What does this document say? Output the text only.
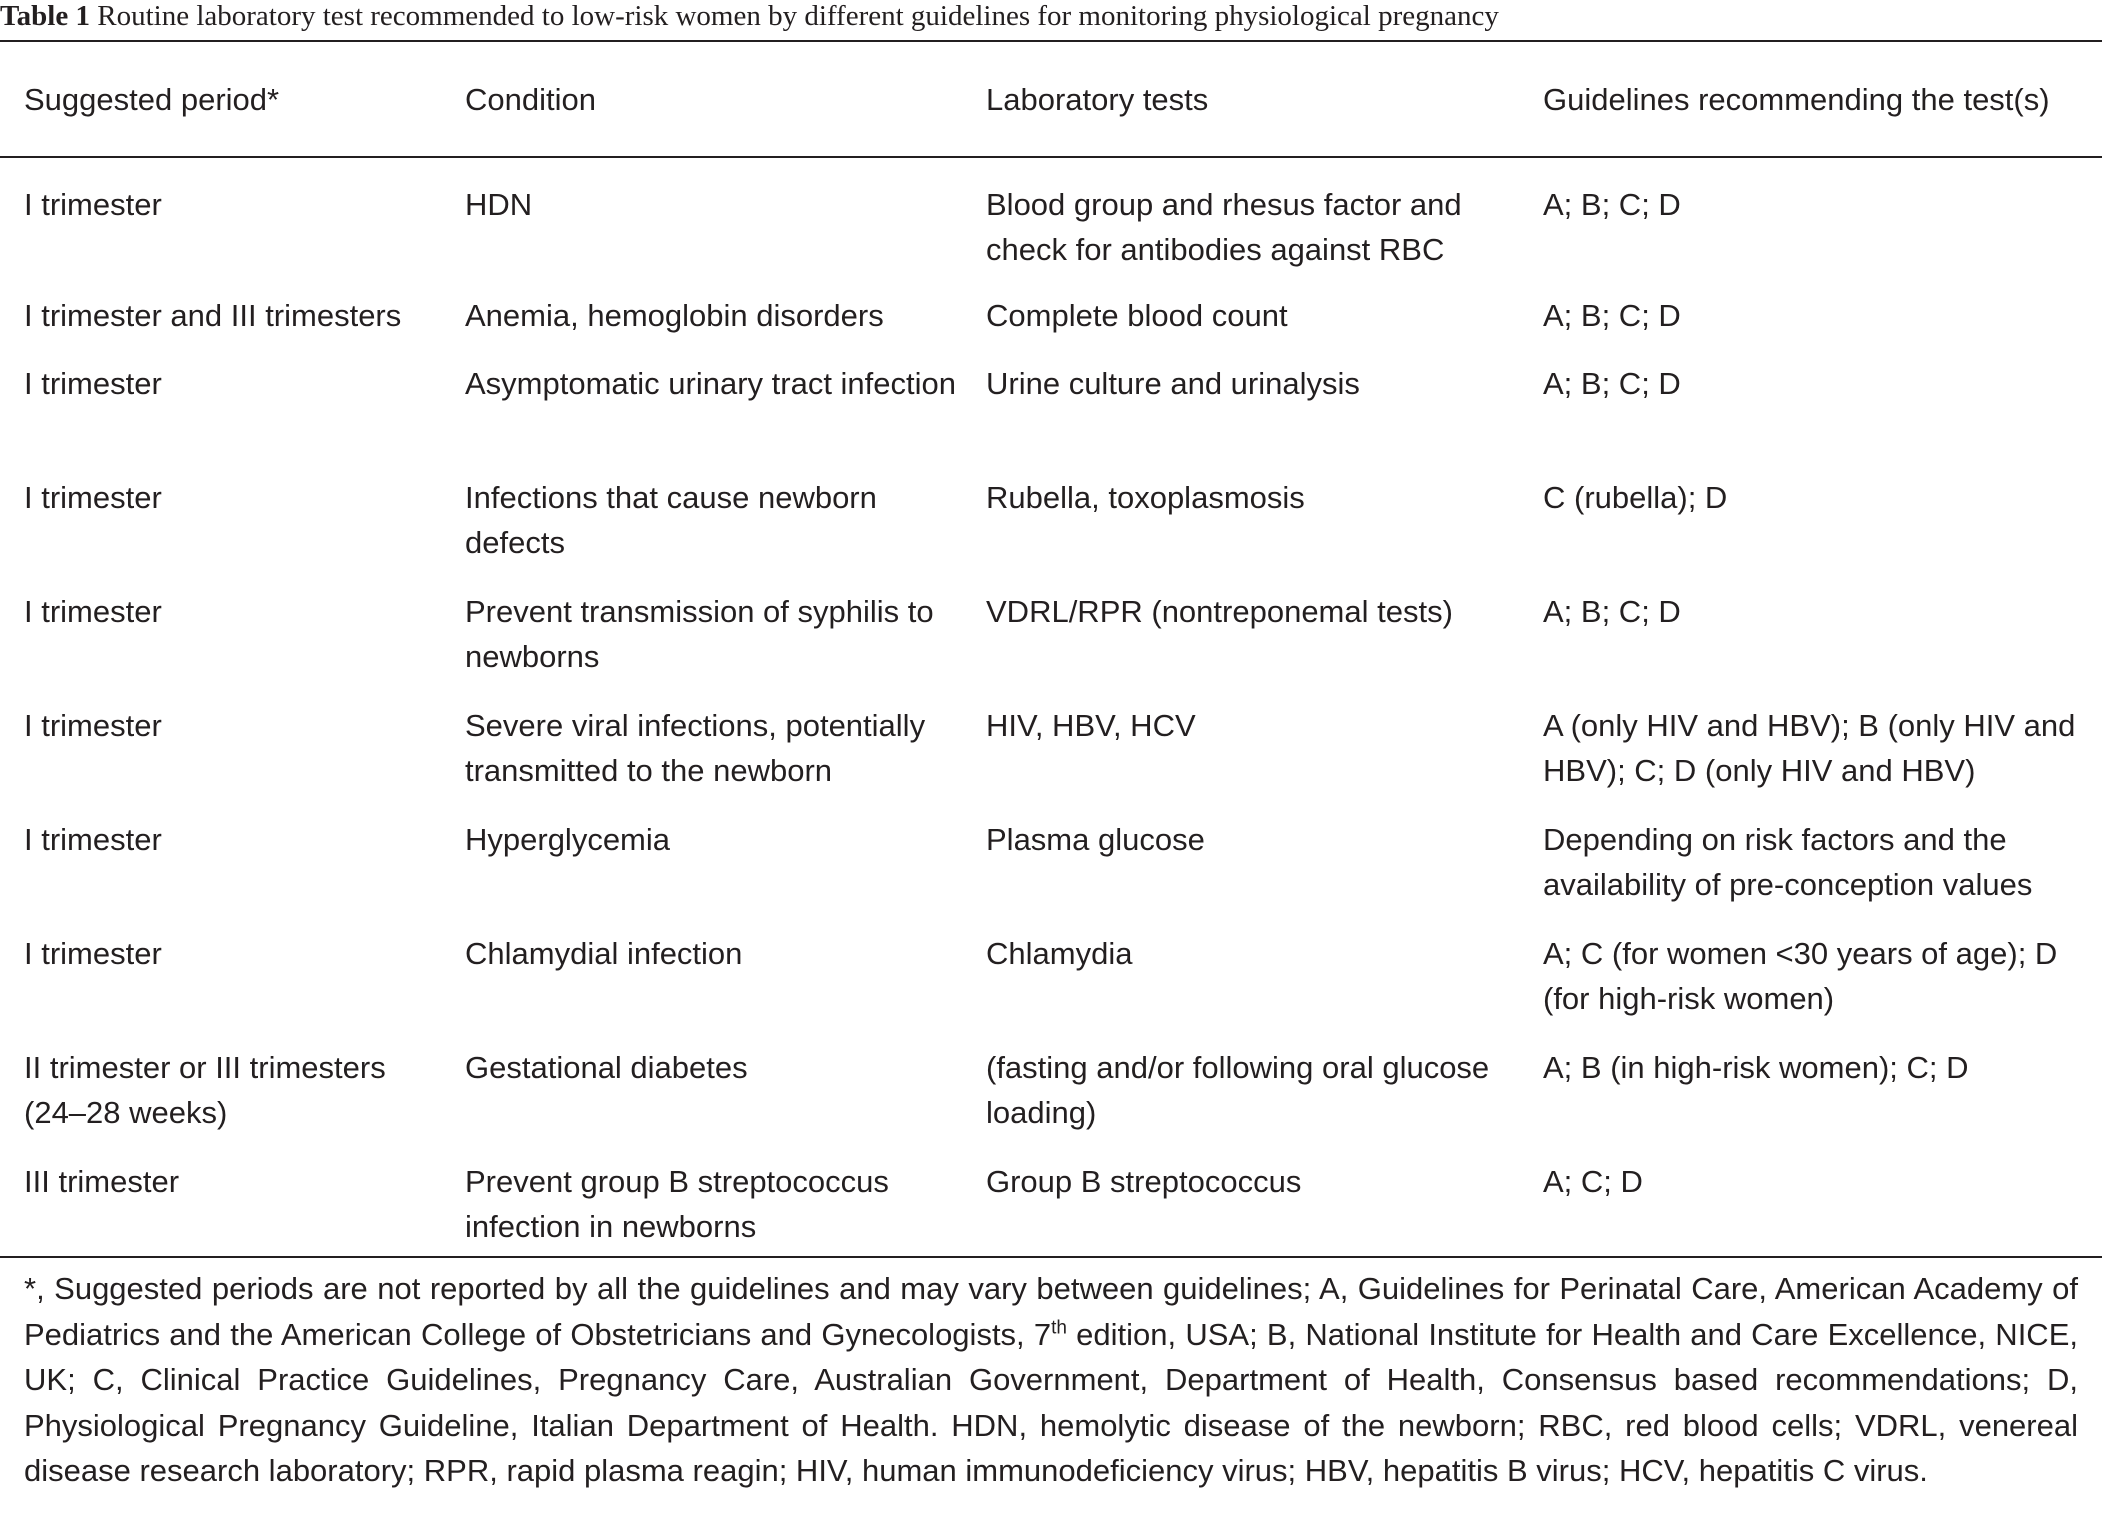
Table 1 Routine laboratory test recommended to low-risk women by different guidelines for monitoring physiological pregnancy
Suggested period*	Condition	Laboratory tests	Guidelines recommending the test(s)
I trimester	HDN	Blood group and rhesus factor and check for antibodies against RBC	A; B; C; D
I trimester and III trimesters	Anemia, hemoglobin disorders	Complete blood count	A; B; C; D
I trimester	Asymptomatic urinary tract infection	Urine culture and urinalysis	A; B; C; D
I trimester	Infections that cause newborn defects	Rubella, toxoplasmosis	C (rubella); D
I trimester	Prevent transmission of syphilis to newborns	VDRL/RPR (nontreponemal tests)	A; B; C; D
I trimester	Severe viral infections, potentially transmitted to the newborn	HIV, HBV, HCV	A (only HIV and HBV); B (only HIV and HBV); C; D (only HIV and HBV)
I trimester	Hyperglycemia	Plasma glucose	Depending on risk factors and the availability of pre-conception values
I trimester	Chlamydial infection	Chlamydia	A; C (for women <30 years of age); D (for high-risk women)
II trimester or III trimesters (24–28 weeks)	Gestational diabetes	(fasting and/or following oral glucose loading)	A; B (in high-risk women); C; D
III trimester	Prevent group B streptococcus infection in newborns	Group B streptococcus	A; C; D
*, Suggested periods are not reported by all the guidelines and may vary between guidelines; A, Guidelines for Perinatal Care, American Academy of Pediatrics and the American College of Obstetricians and Gynecologists, 7th edition, USA; B, National Institute for Health and Care Excellence, NICE, UK; C, Clinical Practice Guidelines, Pregnancy Care, Australian Government, Department of Health, Consensus based recommendations; D, Physiological Pregnancy Guideline, Italian Department of Health. HDN, hemolytic disease of the newborn; RBC, red blood cells; VDRL, venereal disease research laboratory; RPR, rapid plasma reagin; HIV, human immunodeficiency virus; HBV, hepatitis B virus; HCV, hepatitis C virus.
